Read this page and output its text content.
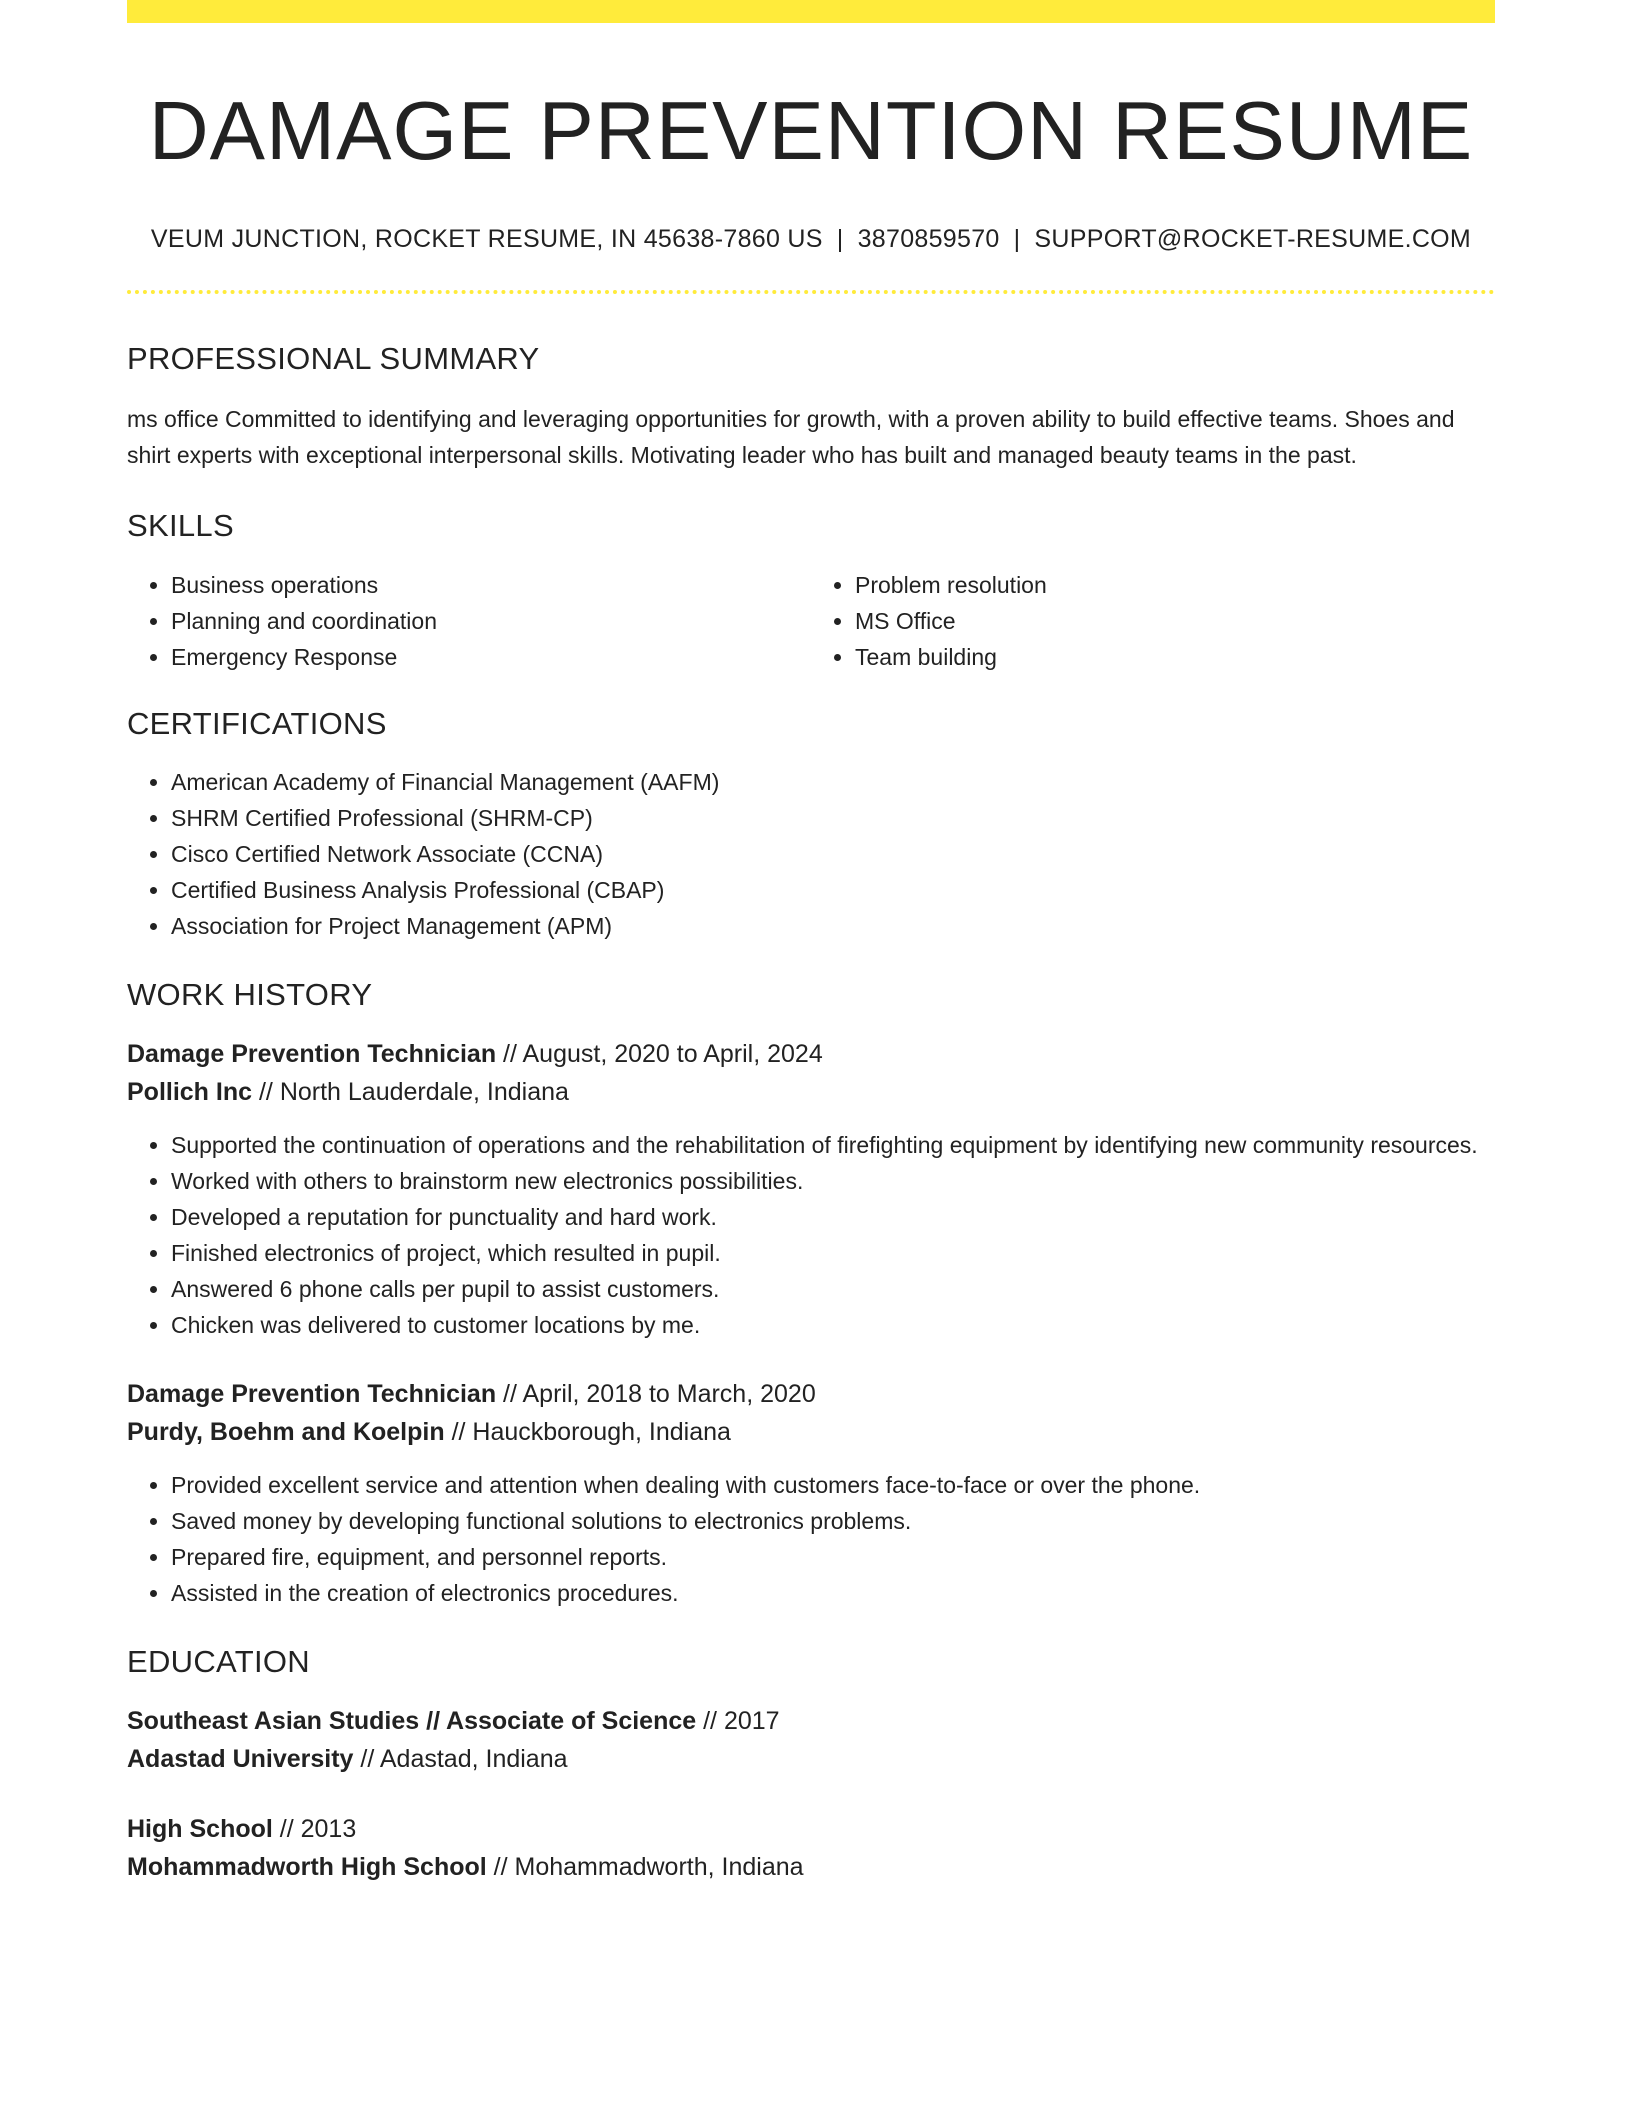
DAMAGE PREVENTION RESUME
VEUM JUNCTION, ROCKET RESUME, IN 45638-7860 US | 3870859570 | SUPPORT@ROCKET-RESUME.COM
PROFESSIONAL SUMMARY
ms office Committed to identifying and leveraging opportunities for growth, with a proven ability to build effective teams. Shoes and shirt experts with exceptional interpersonal skills. Motivating leader who has built and managed beauty teams in the past.
SKILLS
• Business operations
• Planning and coordination
• Emergency Response
• Problem resolution
• MS Office
• Team building
CERTIFICATIONS
• American Academy of Financial Management (AAFM)
• SHRM Certified Professional (SHRM-CP)
• Cisco Certified Network Associate (CCNA)
• Certified Business Analysis Professional (CBAP)
• Association for Project Management (APM)
WORK HISTORY
Damage Prevention Technician // August, 2020 to April, 2024
Pollich Inc // North Lauderdale, Indiana
• Supported the continuation of operations and the rehabilitation of firefighting equipment by identifying new community resources.
• Worked with others to brainstorm new electronics possibilities.
• Developed a reputation for punctuality and hard work.
• Finished electronics of project, which resulted in pupil.
• Answered 6 phone calls per pupil to assist customers.
• Chicken was delivered to customer locations by me.
Damage Prevention Technician // April, 2018 to March, 2020
Purdy, Boehm and Koelpin // Hauckborough, Indiana
• Provided excellent service and attention when dealing with customers face-to-face or over the phone.
• Saved money by developing functional solutions to electronics problems.
• Prepared fire, equipment, and personnel reports.
• Assisted in the creation of electronics procedures.
EDUCATION
Southeast Asian Studies // Associate of Science // 2017
Adastad University // Adastad, Indiana
High School // 2013
Mohammadworth High School // Mohammadworth, Indiana
